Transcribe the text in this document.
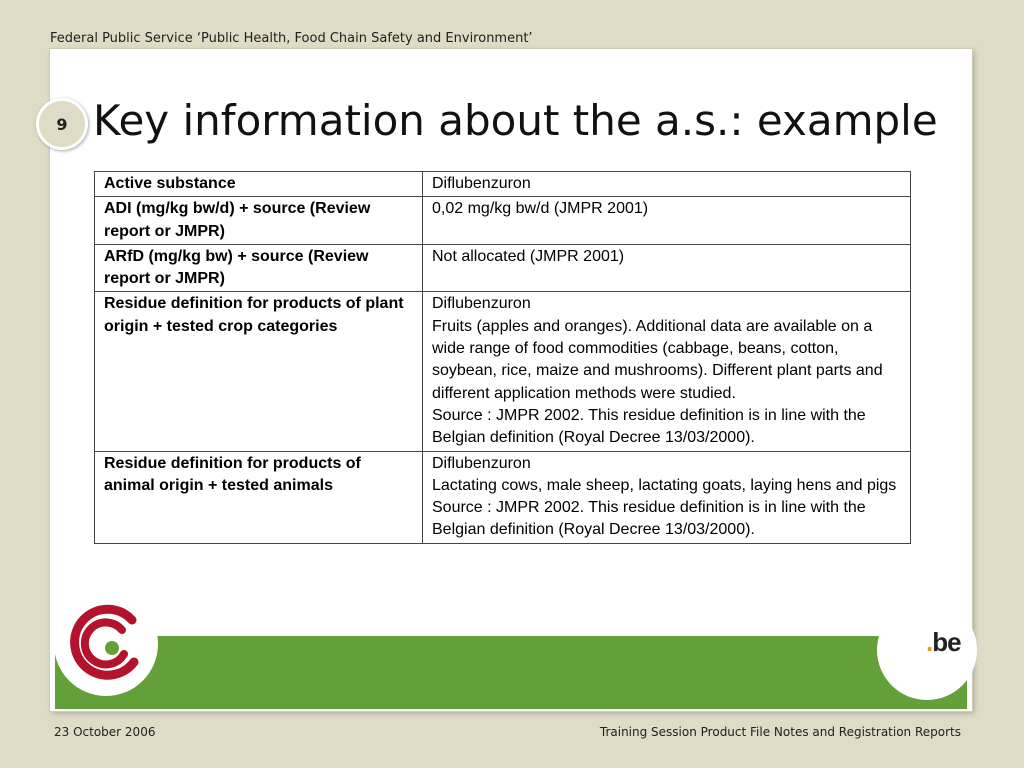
Federal Public Service ‘Public Health, Food Chain Safety and Environment’
9 Key information about the a.s.: example
Active substance	Diflubenzuron

ADI (mg/kg bw/d) + source (Review report or JMPR)	0,02 mg/kg bw/d (JMPR 2001)

ARfD (mg/kg bw) + source (Review report or JMPR)	Not allocated (JMPR 2001)

Residue definition for products of plant origin + tested crop categories	Diflubenzuron
Fruits (apples and oranges). Additional data are available on a wide range of food commodities (cabbage, beans, cotton, soybean, rice, maize and mushrooms). Different plant parts and different application methods were studied.
Source : JMPR 2002. This residue definition is in line with the Belgian definition (Royal Decree 13/03/2000).

Residue definition for products of animal origin + tested animals	Diflubenzuron
Lactating cows, male sheep, lactating goats, laying hens and pigs
Source : JMPR 2002. This residue definition is in line with the Belgian definition (Royal Decree 13/03/2000).
.be
23 October 2006	Training Session Product File Notes and Registration Reports
